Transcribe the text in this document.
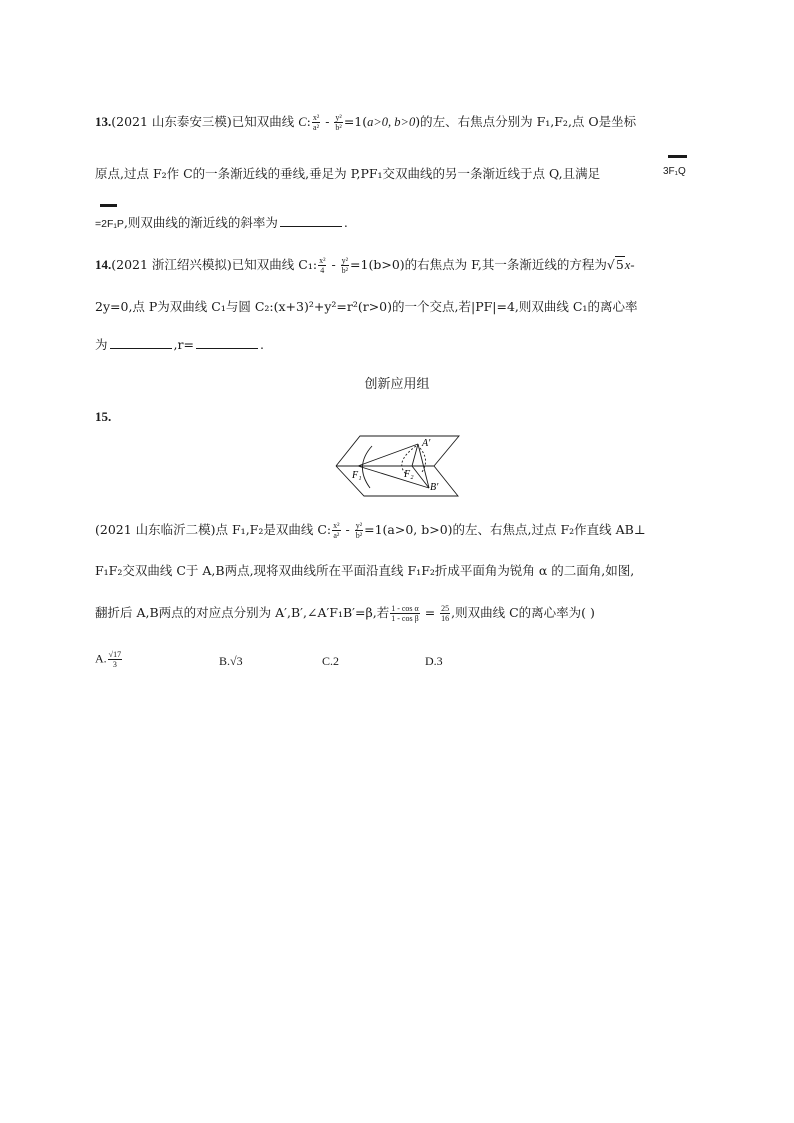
13.(2021 山东泰安三模)已知双曲线 C: $\frac{\text{x²}}{\text{a²}} - \frac{\text{y²}}{\text{b²}} =1(a>0$, b>0)的左、右焦点分别为 F₁,F₂,点 O是坐标
原点,过点 F₂作 C的一条渐近线的垂线,垂足为 P,PF₁交双曲线的另一条渐近线于点 Q,且满足	3F₁Q
=2F₁P,则双曲线的渐近线的斜率为	.
14.(2021 浙江绍兴模拟)已知双曲线 C₁: $\frac{\text{x²}}{4} - \frac{\text{y²}}{\text{b²}} =1(b>0)$的右焦点为 F,其一条渐近线的方程为√5x-
2y=0,点 P为双曲线 C₁与圆 C₂:(x+3)²+y²=r²(r>0)的一个交点,若|PF|=4,则双曲线 C₁的离心率
为	,r=	.
创新应用组
15.
A′
F₁	F₂
B′
(2021 山东临沂二模)点 F₁,F₂是双曲线 C: $\frac{\text{x²}}{\text{a²}} - \frac{\text{y²}}{\text{b²}} =1(a>0$, b>0)的左、右焦点,过点 F₂作直线 AB⊥
F₁F₂交双曲线 C于 A,B两点,现将双曲线所在平面沿直线 F₁F₂折成平面角为锐角 α 的二面角,如图,
翻折后 A,B两点的对应点分别为 A′,B′,∠A′F₁B′=β,若 $\frac{\text{1 - cos α}}{\text{1 - cos β}} = \frac{25}{16}$ ,则双曲线 C的离心率为( )
A. $\frac{√17}{3}$	B.√3	C.2	D.3
